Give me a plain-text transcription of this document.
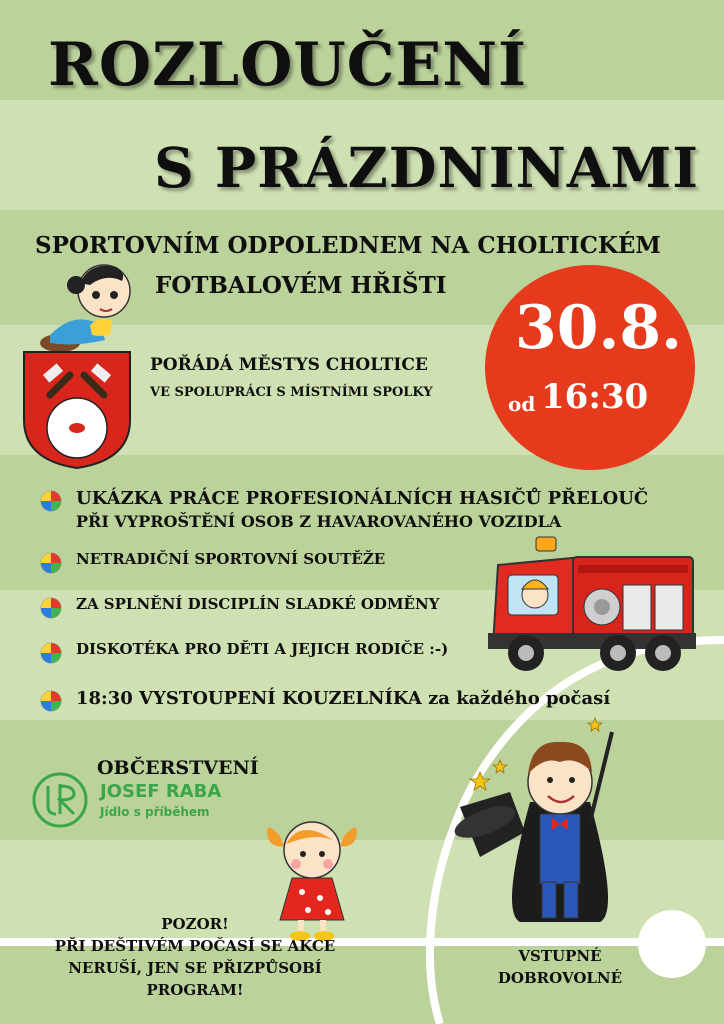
ROZLOUČENÍ
S PRÁZDNINAMI
SPORTOVNÍM ODPOLEDNEM NA CHOLTICKÉM
FOTBALOVÉM HŘIŠTI
POŘÁDÁ MĚSTYS CHOLTICE
VE SPOLUPRÁCI S MÍSTNÍMI SPOLKY
30.8.
od 16:30
UKÁZKA PRÁCE PROFESIONÁLNÍCH HASIČŮ PŘELOUČ
PŘI VYPROŠTĚNÍ OSOB Z HAVAROVANÉHO VOZIDLA
NETRADIČNÍ SPORTOVNÍ SOUTĚŽE
ZA SPLNĚNÍ DISCIPLÍN SLADKÉ ODMĚNY
DISKOTÉKA PRO DĚTI A JEJICH RODIČE :-)
18:30 VYSTOUPENÍ KOUZELNÍKA za každého počasí
OBČERSTVENÍ
JOSEF RABA
Jídlo s příběhem
POZOR!
PŘI DEŠTIVÉM POČASÍ SE AKCE
NERUŠÍ, JEN SE PŘIZPŮSOBÍ
PROGRAM!
VSTUPNÉ
DOBROVOLNÉ
